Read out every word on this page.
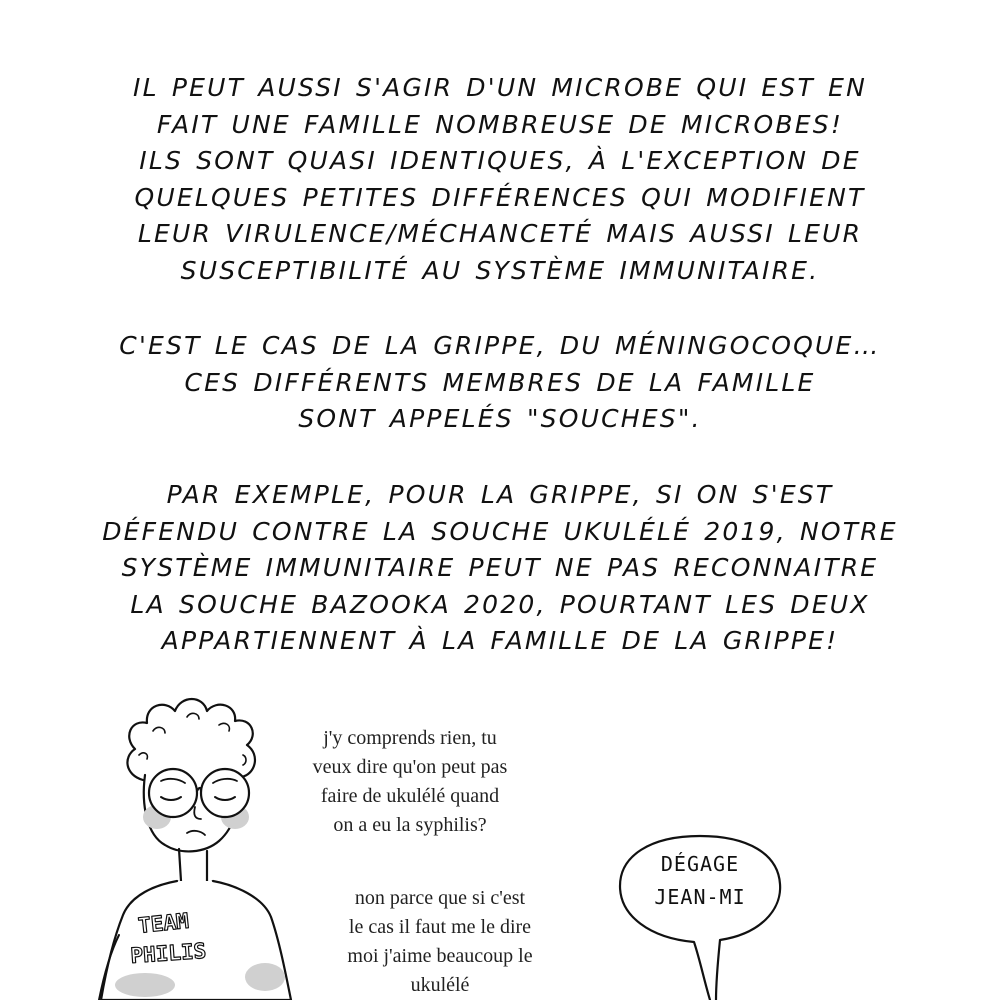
IL PEUT AUSSI S'AGIR D'UN MICROBE QUI EST EN
FAIT UNE FAMILLE NOMBREUSE DE MICROBES!
ILS SONT QUASI IDENTIQUES, À L'EXCEPTION DE
QUELQUES PETITES DIFFÉRENCES QUI MODIFIENT
LEUR VIRULENCE/MÉCHANCETÉ MAIS AUSSI LEUR
SUSCEPTIBILITÉ AU SYSTÈME IMMUNITAIRE.
C'EST LE CAS DE LA GRIPPE, DU MÉNINGOCOQUE…
CES DIFFÉRENTS MEMBRES DE LA FAMILLE
SONT APPELÉS "SOUCHES".
PAR EXEMPLE, POUR LA GRIPPE, SI ON S'EST
DÉFENDU CONTRE LA SOUCHE UKULÉLÉ 2019, NOTRE
SYSTÈME IMMUNITAIRE PEUT NE PAS RECONNAITRE
LA SOUCHE BAZOOKA 2020, POURTANT LES DEUX
APPARTIENNENT À LA FAMILLE DE LA GRIPPE!
TEAM
PHILIS
j'y comprends rien, tu
veux dire qu'on peut pas
faire de ukulélé quand
on a eu la syphilis?
non parce que si c'est
le cas il faut me le dire
moi j'aime beaucoup le
ukulélé
DÉGAGE
JEAN-MI
